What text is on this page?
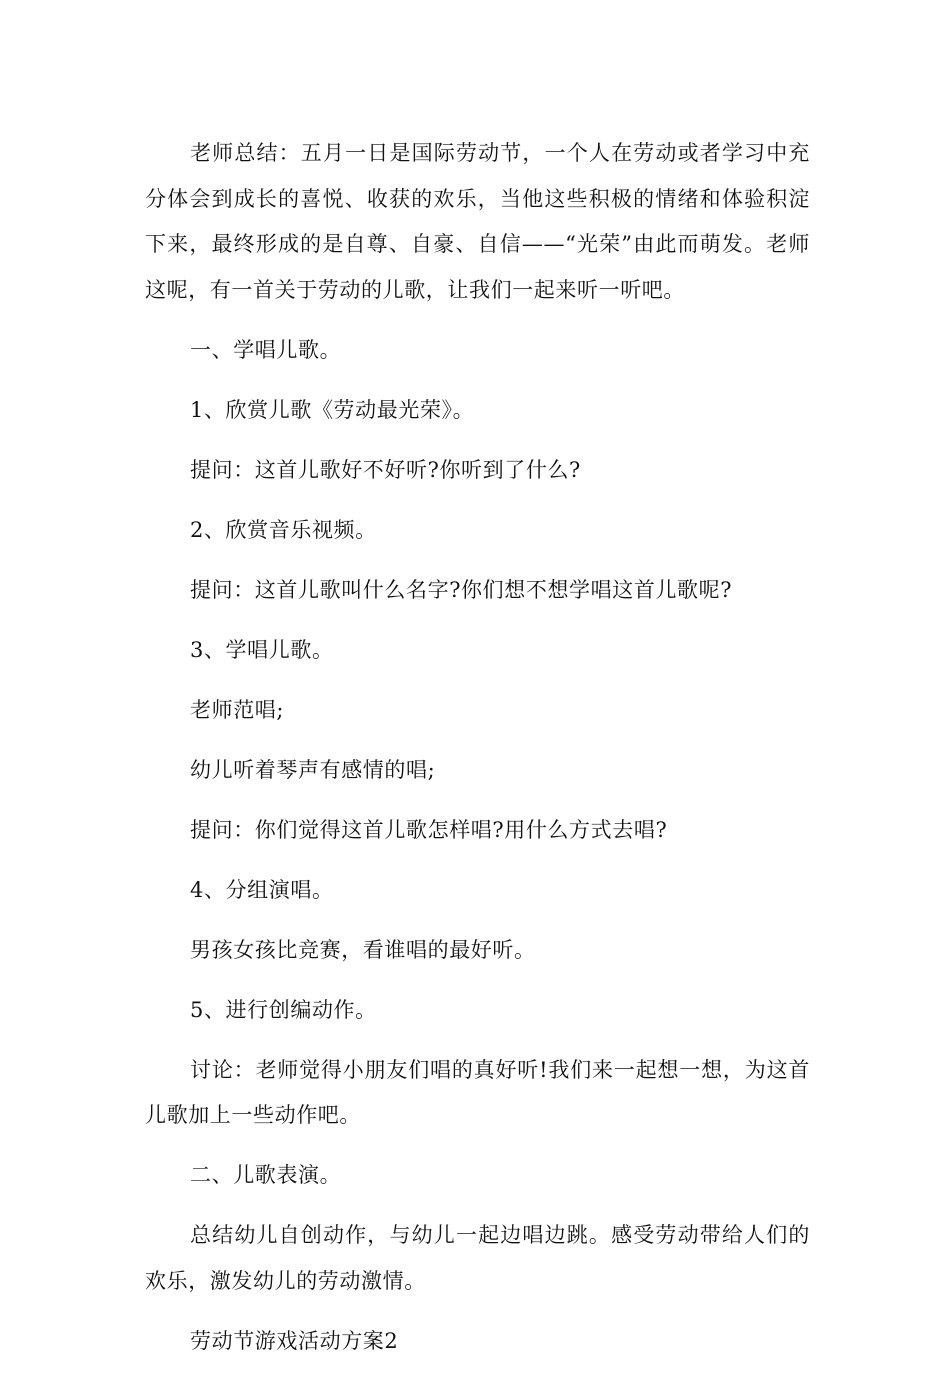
老师总结：五月一日是国际劳动节，一个人在劳动或者学习中充分体会到成长的喜悦、收获的欢乐，当他这些积极的情绪和体验积淀下来，最终形成的是自尊、自豪、自信——“光荣”由此而萌发。老师这呢，有一首关于劳动的儿歌，让我们一起来听一听吧。

一、学唱儿歌。

1、欣赏儿歌《劳动最光荣》。

提问：这首儿歌好不好听?你听到了什么?

2、欣赏音乐视频。

提问：这首儿歌叫什么名字?你们想不想学唱这首儿歌呢?

3、学唱儿歌。

老师范唱;

幼儿听着琴声有感情的唱;

提问：你们觉得这首儿歌怎样唱?用什么方式去唱?

4、分组演唱。

男孩女孩比竞赛，看谁唱的最好听。

5、进行创编动作。

讨论：老师觉得小朋友们唱的真好听!我们来一起想一想，为这首儿歌加上一些动作吧。

二、儿歌表演。

总结幼儿自创动作，与幼儿一起边唱边跳。感受劳动带给人们的欢乐，激发幼儿的劳动激情。

劳动节游戏活动方案2
